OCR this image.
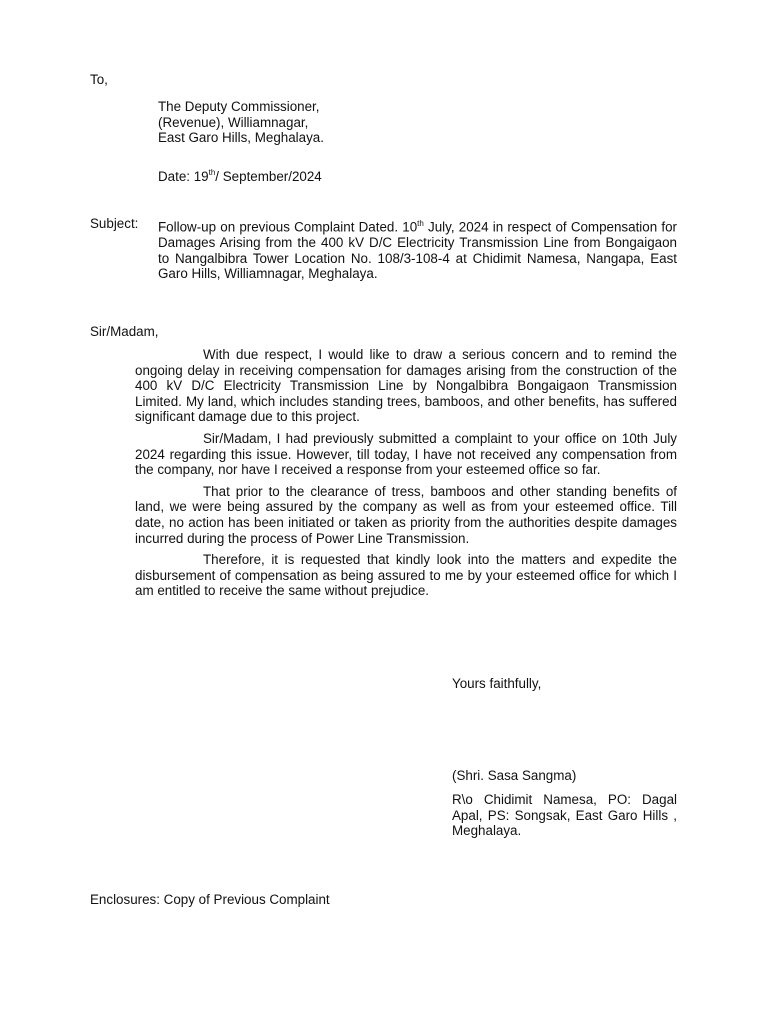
To,
The Deputy Commissioner,
(Revenue), Williamnagar,
East Garo Hills, Meghalaya.
Date: 19th/ September/2024
Subject: Follow-up on previous Complaint Dated. 10th July, 2024 in respect of Compensation for Damages Arising from the 400 kV D/C Electricity Transmission Line from Bongaigaon to Nangalbibra Tower Location No. 108/3-108-4 at Chidimit Namesa, Nangapa, East Garo Hills, Williamnagar, Meghalaya.
Sir/Madam,

With due respect, I would like to draw a serious concern and to remind the ongoing delay in receiving compensation for damages arising from the construction of the 400 kV D/C Electricity Transmission Line by Nongalbibra Bongaigaon Transmission Limited. My land, which includes standing trees, bamboos, and other benefits, has suffered significant damage due to this project.

Sir/Madam, I had previously submitted a complaint to your office on 10th July 2024 regarding this issue. However, till today, I have not received any compensation from the company, nor have I received a response from your esteemed office so far.

That prior to the clearance of tress, bamboos and other standing benefits of land, we were being assured by the company as well as from your esteemed office. Till date, no action has been initiated or taken as priority from the authorities despite damages incurred during the process of Power Line Transmission.

Therefore, it is requested that kindly look into the matters and expedite the disbursement of compensation as being assured to me by your esteemed office for which I am entitled to receive the same without prejudice.

Yours faithfully,
(Shri. Sasa Sangma)
R\o Chidimit Namesa, PO: Dagal Apal, PS: Songsak, East Garo Hills , Meghalaya.
Enclosures: Copy of Previous Complaint
